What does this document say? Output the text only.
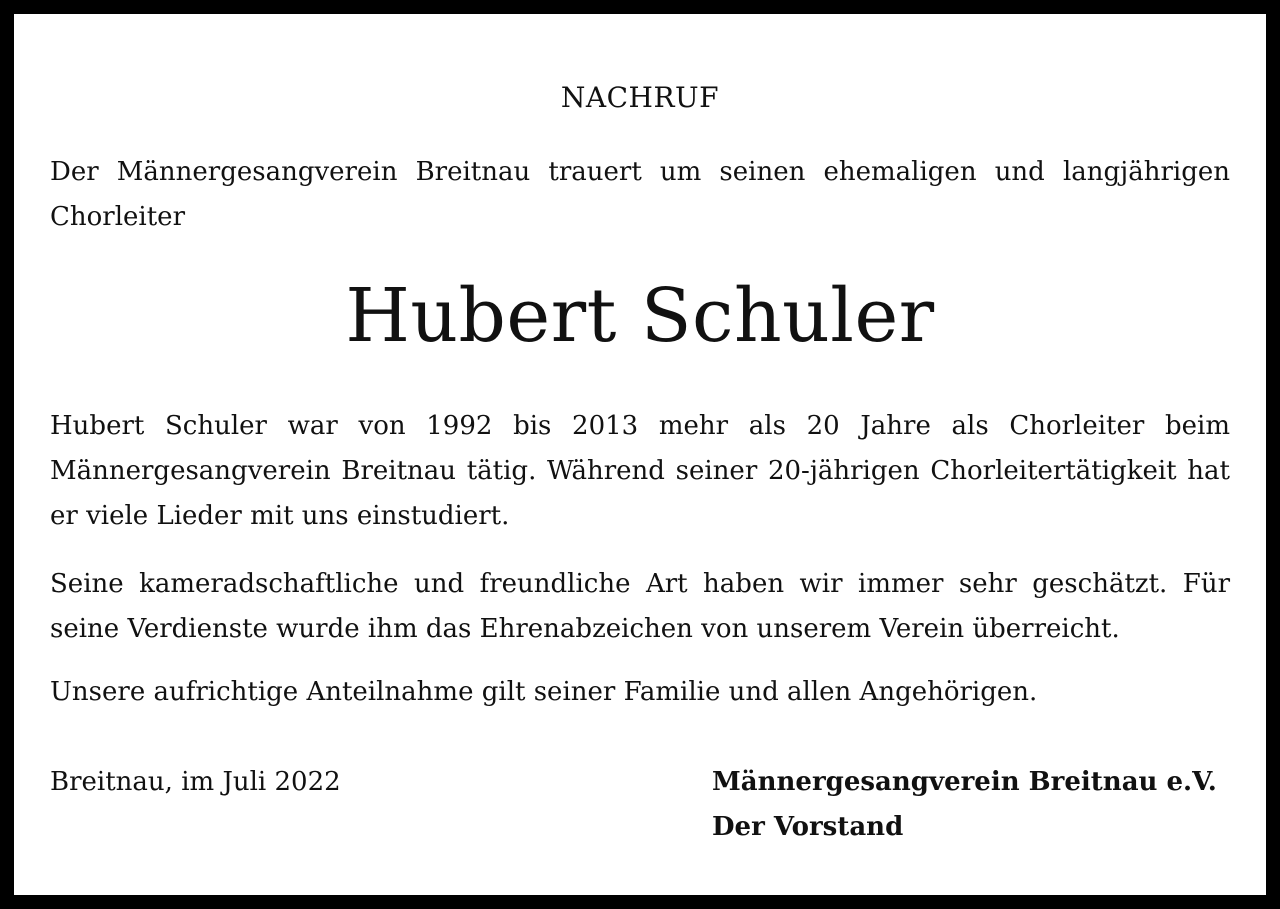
NACHRUF
Der Männergesangverein Breitnau trauert um seinen ehemaligen und langjährigen Chorleiter
Hubert Schuler
Hubert Schuler war von 1992 bis 2013 mehr als 20 Jahre als Chorleiter beim Männergesangverein Breitnau tätig. Während seiner 20-jährigen Chorleitertätigkeit hat er viele Lieder mit uns einstudiert.
Seine kameradschaftliche und freundliche Art haben wir immer sehr geschätzt. Für seine Verdienste wurde ihm das Ehrenabzeichen von unserem Verein überreicht.
Unsere aufrichtige Anteilnahme gilt seiner Familie und allen Angehörigen.
Breitnau, im Juli 2022	Männergesangverein Breitnau e.V.
Der Vorstand
